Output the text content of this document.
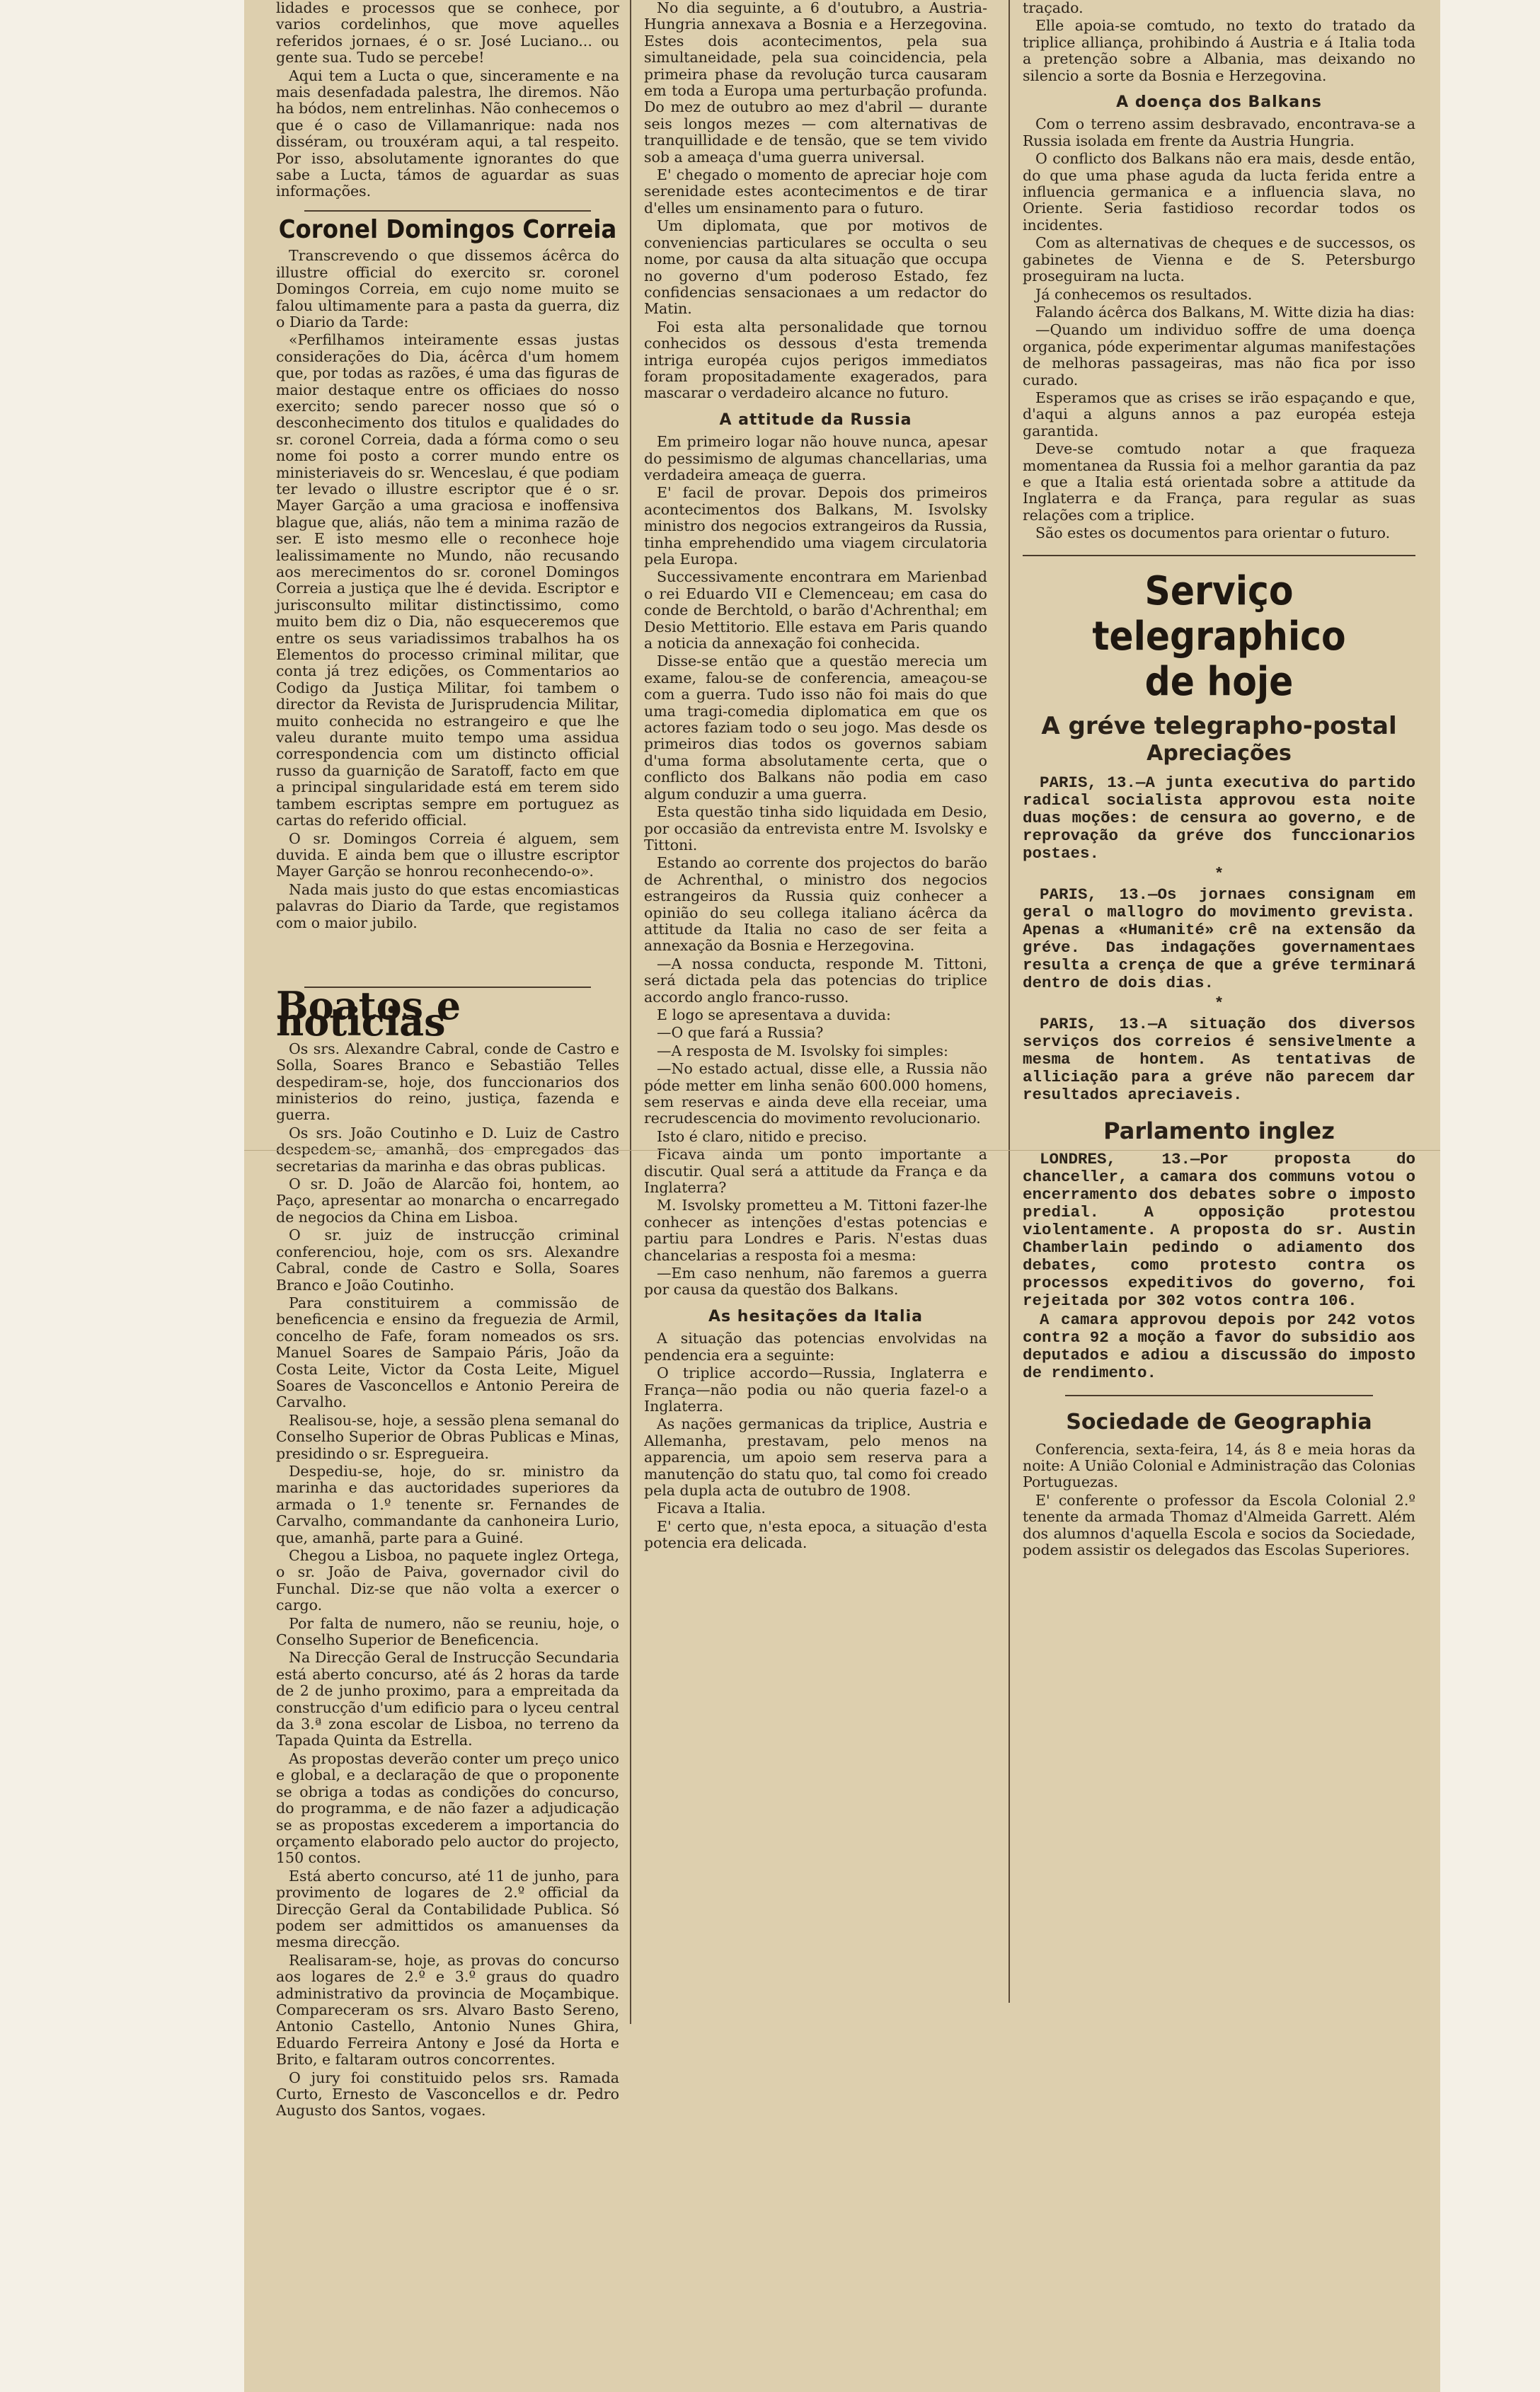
lidades e processos que se conhece, por varios cordelinhos, que move aquelles referidos jornaes, é o sr. José Luciano... ou gente sua. Tudo se percebe!

Aqui tem a Lucta o que, sinceramente e na mais desenfadada palestra, lhe diremos. Não ha bódos, nem entrelinhas. Não conhecemos o que é o caso de Villamanrique: nada nos disséram, ou trouxéram aqui, a tal respeito. Por isso, absolutamente ignorantes do que sabe a Lucta, támos de aguardar as suas informações.

Coronel Domingos Correia

Transcrevendo o que dissemos ácêrca do illustre official do exercito sr. coronel Domingos Correia, em cujo nome muito se falou ultimamente para a pasta da guerra, diz o Diario da Tarde:

«Perfilhamos inteiramente essas justas considerações do Dia, ácêrca d'um homem que, por todas as razões, é uma das figuras de maior destaque entre os officiaes do nosso exercito; sendo parecer nosso que só o desconhecimento dos titulos e qualidades do sr. coronel Correia, dada a fórma como o seu nome foi posto a correr mundo entre os ministeriaveis do sr. Wenceslau, é que podiam ter levado o illustre escriptor que é o sr. Mayer Garção a uma graciosa e inoffensiva blague que, aliás, não tem a minima razão de ser. E isto mesmo elle o reconhece hoje lealissimamente no Mundo, não recusando aos merecimentos do sr. coronel Domingos Correia a justiça que lhe é devida. Escriptor e jurisconsulto militar distinctissimo, como muito bem diz o Dia, não esqueceremos que entre os seus variadissimos trabalhos ha os Elementos do processo criminal militar, que conta já trez edições, os Commentarios ao Codigo da Justiça Militar, foi tambem o director da Revista de Jurisprudencia Militar, muito conhecida no estrangeiro e que lhe valeu durante muito tempo uma assidua correspondencia com um distincto official russo da guarnição de Saratoff, facto em que a principal singularidade está em terem sido tambem escriptas sempre em portuguez as cartas do referido official.

O sr. Domingos Correia é alguem, sem duvida. E ainda bem que o illustre escriptor Mayer Garção se honrou reconhecendo-o».

Nada mais justo do que estas encomiasticas palavras do Diario da Tarde, que registamos com o maior jubilo.

Boatos e noticias

Os srs. Alexandre Cabral, conde de Castro e Solla, Soares Branco e Sebastião Telles despediram-se, hoje, dos funccionarios dos ministerios do reino, justiça, fazenda e guerra.

Os srs. João Coutinho e D. Luiz de Castro despedem-se, amanhã, dos empregados das secretarias da marinha e das obras publicas.

O sr. D. João de Alarcão foi, hontem, ao Paço, apresentar ao monarcha o encarregado de negocios da China em Lisboa.

O sr. juiz de instrucção criminal conferenciou, hoje, com os srs. Alexandre Cabral, conde de Castro e Solla, Soares Branco e João Coutinho.

Para constituirem a commissão de beneficencia e ensino da freguezia de Armil, concelho de Fafe, foram nomeados os srs. Manuel Soares de Sampaio Páris, João da Costa Leite, Victor da Costa Leite, Miguel Soares de Vasconcellos e Antonio Pereira de Carvalho.

Realisou-se, hoje, a sessão plena semanal do Conselho Superior de Obras Publicas e Minas, presidindo o sr. Espregueira.

Despediu-se, hoje, do sr. ministro da marinha e das auctoridades superiores da armada o 1.º tenente sr. Fernandes de Carvalho, commandante da canhoneira Lurio, que, amanhã, parte para a Guiné.

Chegou a Lisboa, no paquete inglez Ortega, o sr. João de Paiva, governador civil do Funchal. Diz-se que não volta a exercer o cargo.

Por falta de numero, não se reuniu, hoje, o Conselho Superior de Beneficencia.

Na Direcção Geral de Instrucção Secundaria está aberto concurso, até ás 2 horas da tarde de 2 de junho proximo, para a empreitada da construcção d'um edificio para o lyceu central da 3.ª zona escolar de Lisboa, no terreno da Tapada Quinta da Estrella.

As propostas deverão conter um preço unico e global, e a declaração de que o proponente se obriga a todas as condições do concurso, do programma, e de não fazer a adjudicação se as propostas excederem a importancia do orçamento elaborado pelo auctor do projecto, 150 contos.

Está aberto concurso, até 11 de junho, para provimento de logares de 2.º official da Direcção Geral da Contabilidade Publica. Só podem ser admittidos os amanuenses da mesma direcção.

Realisaram-se, hoje, as provas do concurso aos logares de 2.º e 3.º graus do quadro administrativo da provincia de Moçambique. Compareceram os srs. Alvaro Basto Sereno, Antonio Castello, Antonio Nunes Ghira, Eduardo Ferreira Antony e José da Horta e Brito, e faltaram outros concorrentes.

O jury foi constituido pelos srs. Ramada Curto, Ernesto de Vasconcellos e dr. Pedro Augusto dos Santos, vogaes.

No dia seguinte, a 6 d'outubro, a Austria-Hungria annexava a Bosnia e a Herzegovina. Estes dois acontecimentos, pela sua simultaneidade, pela sua coincidencia, pela primeira phase da revolução turca causaram em toda a Europa uma perturbação profunda. Do mez de outubro ao mez d'abril — durante seis longos mezes — com alternativas de tranquillidade e de tensão, que se tem vivido sob a ameaça d'uma guerra universal.

E' chegado o momento de apreciar hoje com serenidade estes acontecimentos e de tirar d'elles um ensinamento para o futuro.

Um diplomata, que por motivos de conveniencias particulares se occulta o seu nome, por causa da alta situação que occupa no governo d'um poderoso Estado, fez confidencias sensacionaes a um redactor do Matin.

Foi esta alta personalidade que tornou conhecidos os dessous d'esta tremenda intriga européa cujos perigos immediatos foram propositadamente exagerados, para mascarar o verdadeiro alcance no futuro.

A attitude da Russia

Em primeiro logar não houve nunca, apesar do pessimismo de algumas chancellarias, uma verdadeira ameaça de guerra.

E' facil de provar. Depois dos primeiros acontecimentos dos Balkans, M. Isvolsky ministro dos negocios extrangeiros da Russia, tinha emprehendido uma viagem circulatoria pela Europa.

Successivamente encontrara em Marienbad o rei Eduardo VII e Clemenceau; em casa do conde de Berchtold, o barão d'Achrenthal; em Desio Mettitorio. Elle estava em Paris quando a noticia da annexação foi conhecida.

Disse-se então que a questão merecia um exame, falou-se de conferencia, ameaçou-se com a guerra. Tudo isso não foi mais do que uma tragi-comedia diplomatica em que os actores faziam todo o seu jogo. Mas desde os primeiros dias todos os governos sabiam d'uma forma absolutamente certa, que o conflicto dos Balkans não podia em caso algum conduzir a uma guerra.

Esta questão tinha sido liquidada em Desio, por occasião da entrevista entre M. Isvolsky e Tittoni.

Estando ao corrente dos projectos do barão de Achrenthal, o ministro dos negocios estrangeiros da Russia quiz conhecer a opinião do seu collega italiano ácêrca da attitude da Italia no caso de ser feita a annexação da Bosnia e Herzegovina.

—A nossa conducta, responde M. Tittoni, será dictada pela das potencias do triplice accordo anglo franco-russo.

E logo se apresentava a duvida:

—O que fará a Russia?

—A resposta de M. Isvolsky foi simples:

—No estado actual, disse elle, a Russia não póde metter em linha senão 600.000 homens, sem reservas e ainda deve ella receiar, uma recrudescencia do movimento revolucionario.

Isto é claro, nitido e preciso.

Ficava ainda um ponto importante a discutir. Qual será a attitude da França e da Inglaterra?

M. Isvolsky prometteu a M. Tittoni fazer-lhe conhecer as intenções d'estas potencias e partiu para Londres e Paris. N'estas duas chancelarias a resposta foi a mesma:

—Em caso nenhum, não faremos a guerra por causa da questão dos Balkans.

As hesitações da Italia

A situação das potencias envolvidas na pendencia era a seguinte:

O triplice accordo—Russia, Inglaterra e França—não podia ou não queria fazel-o a Inglaterra.

As nações germanicas da triplice, Austria e Allemanha, prestavam, pelo menos na apparencia, um apoio sem reserva para a manutenção do statu quo, tal como foi creado pela dupla acta de outubro de 1908.

Ficava a Italia.

E' certo que, n'esta epoca, a situação d'esta potencia era delicada.

traçado.

Elle apoia-se comtudo, no texto do tratado da triplice alliança, prohibindo á Austria e á Italia toda a pretenção sobre a Albania, mas deixando no silencio a sorte da Bosnia e Herzegovina.

A doença dos Balkans

Com o terreno assim desbravado, encontrava-se a Russia isolada em frente da Austria Hungria.

O conflicto dos Balkans não era mais, desde então, do que uma phase aguda da lucta ferida entre a influencia germanica e a influencia slava, no Oriente. Seria fastidioso recordar todos os incidentes.

Com as alternativas de cheques e de successos, os gabinetes de Vienna e de S. Petersburgo proseguiram na lucta.

Já conhecemos os resultados.

Falando ácêrca dos Balkans, M. Witte dizia ha dias:

—Quando um individuo soffre de uma doença organica, póde experimentar algumas manifestações de melhoras passageiras, mas não fica por isso curado.

Esperamos que as crises se irão espaçando e que, d'aqui a alguns annos a paz européa esteja garantida.

Deve-se comtudo notar a que fraqueza momentanea da Russia foi a melhor garantia da paz e que a Italia está orientada sobre a attitude da Inglaterra e da França, para regular as suas relações com a triplice.

São estes os documentos para orientar o futuro.

Serviço telegraphico
de hoje
A gréve telegrapho-postal
Apreciações

PARIS, 13.—A junta executiva do partido radical socialista approvou esta noite duas moções: de censura ao governo, e de reprovação da gréve dos funccionarios postaes.

*

PARIS, 13.—Os jornaes consignam em geral o mallogro do movimento grevista. Apenas a «Humanité» crê na extensão da gréve. Das indagações governamentaes resulta a crença de que a gréve terminará dentro de dois dias.

*

PARIS, 13.—A situação dos diversos serviços dos correios é sensivelmente a mesma de hontem. As tentativas de alliciação para a gréve não parecem dar resultados apreciaveis.

Parlamento inglez

LONDRES, 13.—Por proposta do chanceller, a camara dos communs votou o encerramento dos debates sobre o imposto predial. A opposição protestou violentamente. A proposta do sr. Austin Chamberlain pedindo o adiamento dos debates, como protesto contra os processos expeditivos do governo, foi rejeitada por 302 votos contra 106.

A camara approvou depois por 242 votos contra 92 a moção a favor do subsidio aos deputados e adiou a discussão do imposto de rendimento.

Sociedade de Geographia

Conferencia, sexta-feira, 14, ás 8 e meia horas da noite: A União Colonial e Administração das Colonias Portuguezas.

E' conferente o professor da Escola Colonial 2.º tenente da armada Thomaz d'Almeida Garrett. Além dos alumnos d'aquella Escola e socios da Sociedade, podem assistir os delegados das Escolas Superiores.
